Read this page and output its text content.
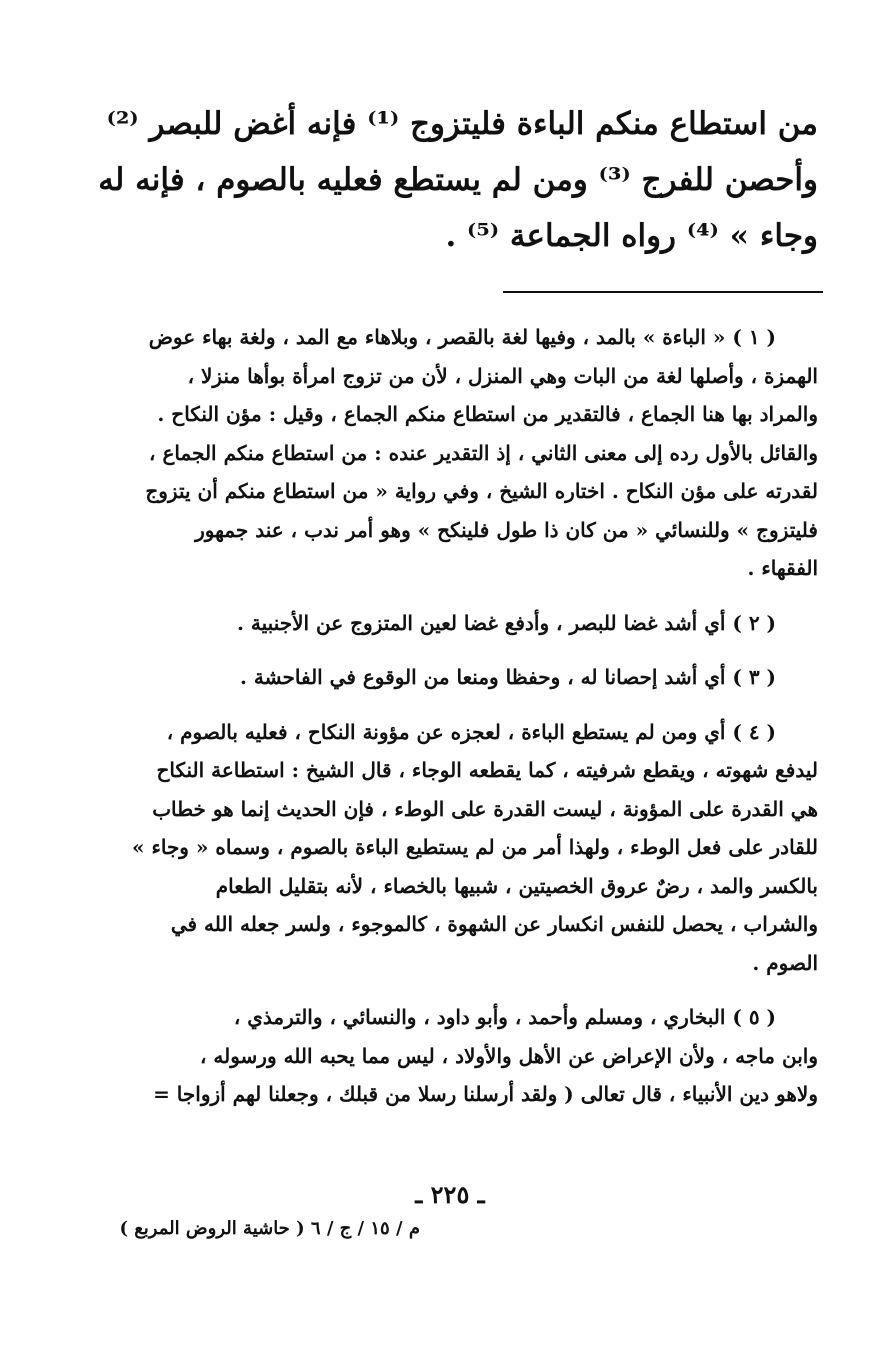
من استطاع منكم الباءة فليتزوج ⁽¹⁾ فإنه أغض للبصر ⁽²⁾
وأحصن للفرج ⁽³⁾ ومن لم يستطع فعليه بالصوم ، فإنه له
وجاء » ⁽⁴⁾ رواه الجماعة ⁽⁵⁾ .
( ١ ) « الباءة » بالمد ، وفيها لغة بالقصر ، وبلاهاء مع المد ، ولغة بهاء عوض
الهمزة ، وأصلها لغة من البات وهي المنزل ، لأن من تزوج امرأة بوأها منزلا ،
والمراد بها هنا الجماع ، فالتقدير من استطاع منكم الجماع ، وقيل : مؤن النكاح .
والقائل بالأول رده إلى معنى الثاني ، إذ التقدير عنده : من استطاع منكم الجماع ،
لقدرته على مؤن النكاح . اختاره الشيخ ، وفي رواية « من استطاع منكم أن يتزوج
فليتزوج » وللنسائي « من كان ذا طول فلينكح » وهو أمر ندب ، عند جمهور
الفقهاء .
( ٢ ) أي أشد غضا للبصر ، وأدفع غضا لعين المتزوج عن الأجنبية .
( ٣ ) أي أشد إحصانا له ، وحفظا ومنعا من الوقوع في الفاحشة .
( ٤ ) أي ومن لم يستطع الباءة ، لعجزه عن مؤونة النكاح ، فعليه بالصوم ،
ليدفع شهوته ، ويقطع شرفيته ، كما يقطعه الوجاء ، قال الشيخ : استطاعة النكاح
هي القدرة على المؤونة ، ليست القدرة على الوطء ، فإن الحديث إنما هو خطاب
للقادر على فعل الوطء ، ولهذا أمر من لم يستطيع الباءة بالصوم ، وسماه « وجاء »
بالكسر والمد ، رضٌ عروق الخصيتين ، شبيها بالخصاء ، لأنه بتقليل الطعام
والشراب ، يحصل للنفس انكسار عن الشهوة ، كالموجوء ، ولسر جعله الله في
الصوم .
( ٥ ) البخاري ، ومسلم وأحمد ، وأبو داود ، والنسائي ، والترمذي ،
وابن ماجه ، ولأن الإعراض عن الأهل والأولاد ، ليس مما يحبه الله ورسوله ،
ولاهو دين الأنبياء ، قال تعالى ( ولقد أرسلنا رسلا من قبلك ، وجعلنا لهم أزواجا =
ـ ٢٢٥ ـ
م / ١٥ / ج / ٦ ( حاشية الروض المربع )
